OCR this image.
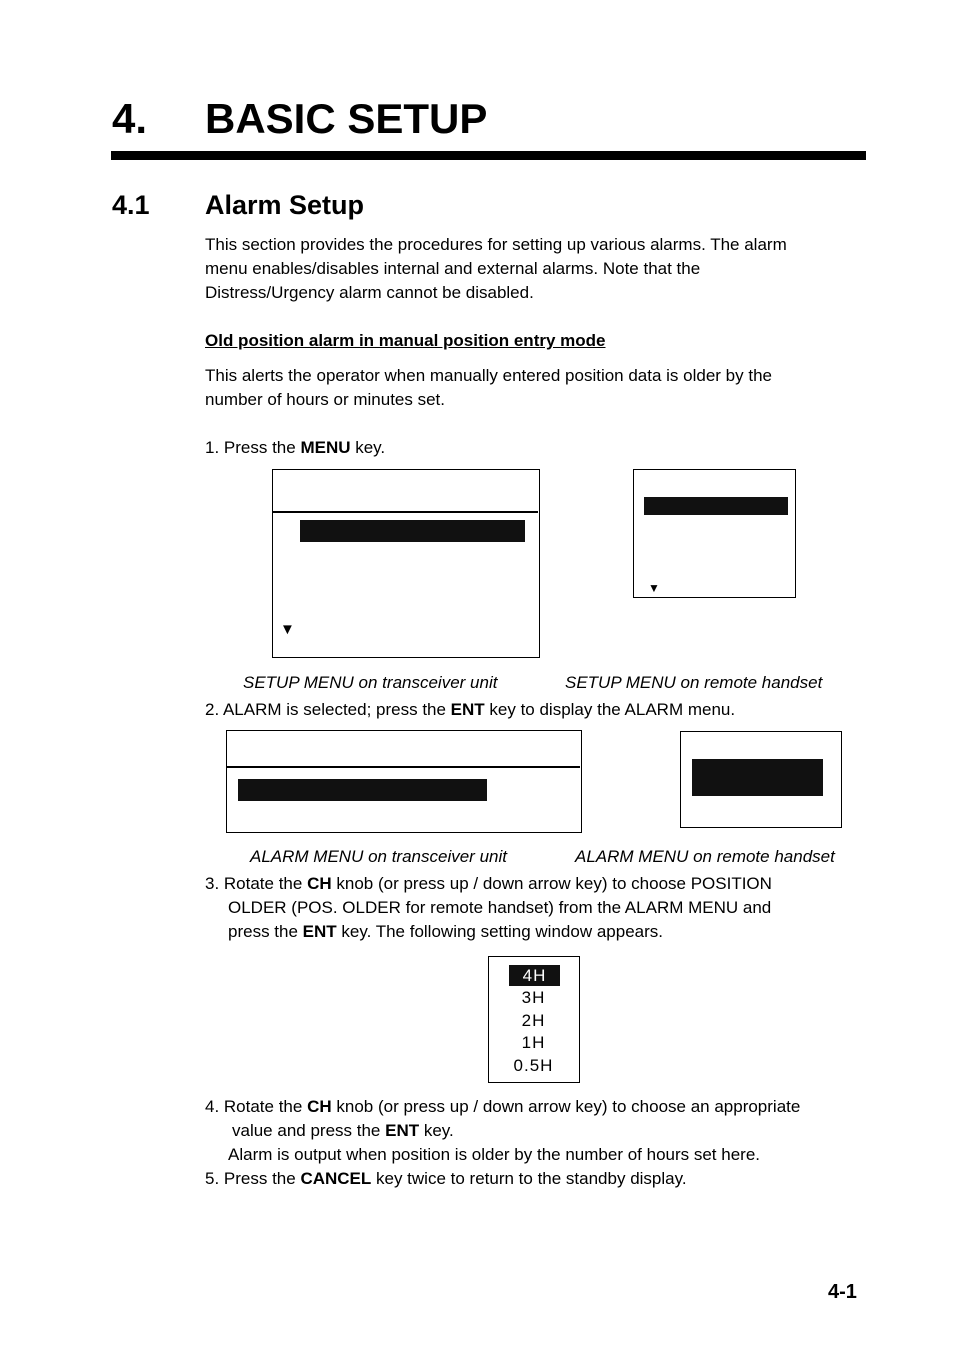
4. BASIC SETUP
4.1 Alarm Setup
This section provides the procedures for setting up various alarms. The alarm
menu enables/disables internal and external alarms. Note that the
Distress/Urgency alarm cannot be disabled.
Old position alarm in manual position entry mode
This alerts the operator when manually entered position data is older by the
number of hours or minutes set.
1. Press the MENU key.
▼
▼
SETUP MENU on transceiver unit	SETUP MENU on remote handset
2. ALARM is selected; press the ENT key to display the ALARM menu.
ALARM MENU on transceiver unit	ALARM MENU on remote handset
3. Rotate the CH knob (or press up / down arrow key) to choose POSITION
OLDER (POS. OLDER for remote handset) from the ALARM MENU and
press the ENT key. The following setting window appears.
4H
3H
2H
1H
0.5H
4. Rotate the CH knob (or press up / down arrow key) to choose an appropriate
value and press the ENT key.
Alarm is output when position is older by the number of hours set here.
5. Press the CANCEL key twice to return to the standby display.
4-1
